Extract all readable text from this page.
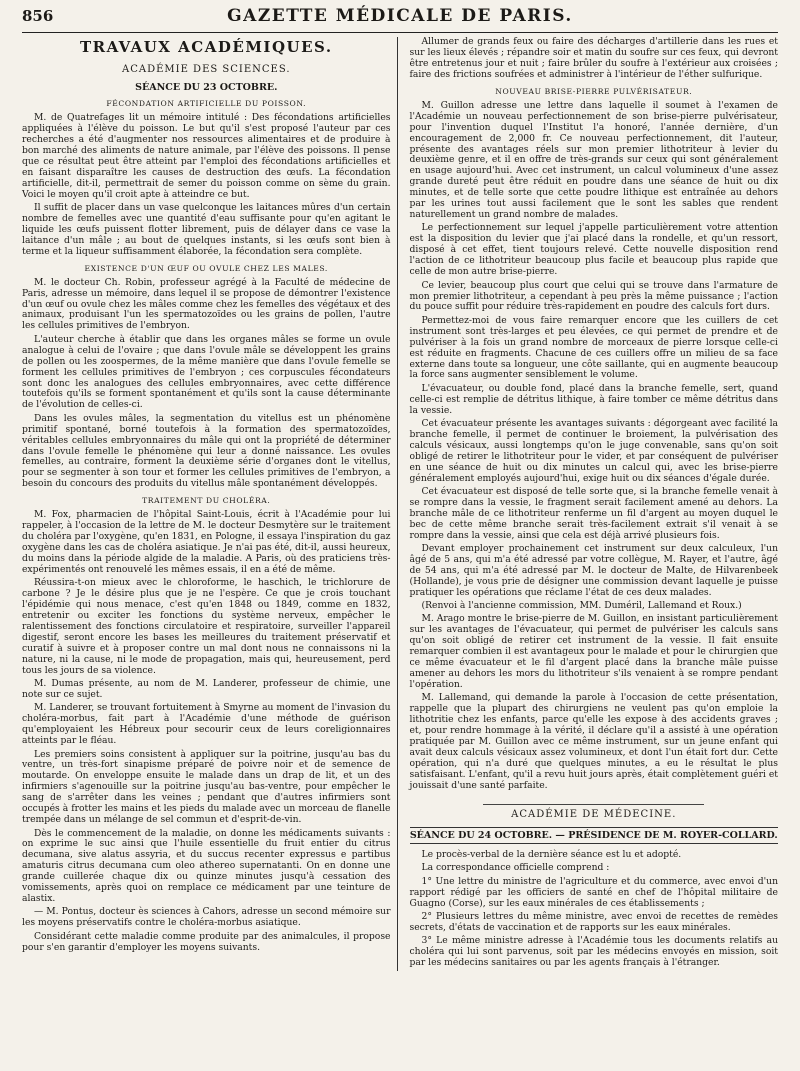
856	GAZETTE MÉDICALE DE PARIS.
TRAVAUX ACADÉMIQUES.
ACADÉMIE DES SCIENCES.
SÉANCE DU 23 OCTOBRE.
FÉCONDATION ARTIFICIELLE DU POISSON.

M. de Quatrefages lit un mémoire intitulé : Des fécondations artificielles appliquées à l'élève du poisson. Le but qu'il s'est proposé l'auteur par ces recherches a été d'augmenter nos ressources alimentaires et de produire à bon marché des aliments de nature animale, par l'élève des poissons. Il pense que ce résultat peut être atteint par l'emploi des fécondations artificielles et en faisant disparaître les causes de destruction des œufs. La fécondation artificielle, dit-il, permettrait de semer du poisson comme on sème du grain. Voici le moyen qu'il croit apte à atteindre ce but.

Il suffit de placer dans un vase quelconque les laitances mûres d'un certain nombre de femelles avec une quantité d'eau suffisante pour qu'en agitant le liquide les œufs puissent flotter librement, puis de délayer dans ce vase la laitance d'un mâle ; au bout de quelques instants, si les œufs sont bien à terme et la liqueur suffisamment élaborée, la fécondation sera complète.

EXISTENCE D'UN ŒUF OU OVULE CHEZ LES MALES.

M. le docteur Ch. Robin, professeur agrégé à la Faculté de médecine de Paris, adresse un mémoire, dans lequel il se propose de démontrer l'existence d'un œuf ou ovule chez les mâles comme chez les femelles des végétaux et des animaux, produisant l'un les spermatozoïdes ou les grains de pollen, l'autre les cellules primitives de l'embryon.

L'auteur cherche à établir que dans les organes mâles se forme un ovule analogue à celui de l'ovaire ; que dans l'ovule mâle se développent les grains de pollen ou les zoospermes, de la même manière que dans l'ovule femelle se forment les cellules primitives de l'embryon ; ces corpuscules fécondateurs sont donc les analogues des cellules embryonnaires, avec cette différence toutefois qu'ils se forment spontanément et qu'ils sont la cause déterminante de l'évolution de celles-ci.

Dans les ovules mâles, la segmentation du vitellus est un phénomène primitif spontané, borné toutefois à la formation des spermatozoïdes, véritables cellules embryonnaires du mâle qui ont la propriété de déterminer dans l'ovule femelle le phénomène qui leur a donné naissance. Les ovules femelles, au contraire, forment la deuxième série d'organes dont le vitellus, pour se segmenter à son tour et former les cellules primitives de l'embryon, a besoin du concours des produits du vitellus mâle spontanément développés.

TRAITEMENT DU CHOLÉRA.

M. Fox, pharmacien de l'hôpital Saint-Louis, écrit à l'Académie pour lui rappeler, à l'occasion de la lettre de M. le docteur Desmytère sur le traitement du choléra par l'oxygène, qu'en 1831, en Pologne, il essaya l'inspiration du gaz oxygène dans les cas de choléra asiatique. Je n'ai pas été, dit-il, aussi heureux, du moins dans la période algide de la maladie. A Paris, où des praticiens très-expérimentés ont renouvelé les mêmes essais, il en a été de même.

Réussira-t-on mieux avec le chloroforme, le haschich, le trichlorure de carbone ? Je le désire plus que je ne l'espère. Ce que je crois touchant l'épidémie qui nous menace, c'est qu'en 1848 ou 1849, comme en 1832, entretenir ou exciter les fonctions du système nerveux, empêcher le ralentissement des fonctions circulatoire et respiratoire, surveiller l'appareil digestif, seront encore les bases les meilleures du traitement préservatif et curatif à suivre et à proposer contre un mal dont nous ne connaissons ni la nature, ni la cause, ni le mode de propagation, mais qui, heureusement, perd tous les jours de sa violence.

M. Dumas présente, au nom de M. Landerer, professeur de chimie, une note sur ce sujet.

M. Landerer, se trouvant fortuitement à Smyrne au moment de l'invasion du choléra-morbus, fait part à l'Académie d'une méthode de guérison qu'employaient les Hébreux pour secourir ceux de leurs coreligionnaires atteints par le fléau.

Les premiers soins consistent à appliquer sur la poitrine, jusqu'au bas du ventre, un très-fort sinapisme préparé de poivre noir et de semence de moutarde. On enveloppe ensuite le malade dans un drap de lit, et un des infirmiers s'agenouille sur la poitrine jusqu'au bas-ventre, pour empêcher le sang de s'arrêter dans les veines ; pendant que d'autres infirmiers sont occupés à frotter les mains et les pieds du malade avec un morceau de flanelle trempée dans un mélange de sel commun et d'esprit-de-vin.

Dès le commencement de la maladie, on donne les médicaments suivants : on exprime le suc ainsi que l'huile essentielle du fruit entier du citrus decumana, sive alatus assyria, et du succus recenter expressus e partibus amaturis citrus decumana cum oleo athereo supernatanti. On en donne une grande cuillerée chaque dix ou quinze minutes jusqu'à cessation des vomissements, après quoi on remplace ce médicament par une teinture de alastix.

— M. Pontus, docteur ès sciences à Cahors, adresse un second mémoire sur les moyens préservatifs contre le choléra-morbus asiatique.

Considérant cette maladie comme produite par des animalcules, il propose pour s'en garantir d'employer les moyens suivants.

Allumer de grands feux ou faire des décharges d'artillerie dans les rues et sur les lieux élevés ; répandre soir et matin du soufre sur ces feux, qui devront être entretenus jour et nuit ; faire brûler du soufre à l'extérieur aux croisées ; faire des frictions soufrées et administrer à l'intérieur de l'éther sulfurique.

NOUVEAU BRISE-PIERRE PULVÉRISATEUR.

M. Guillon adresse une lettre dans laquelle il soumet à l'examen de l'Académie un nouveau perfectionnement de son brise-pierre pulvérisateur, pour l'invention duquel l'Institut l'a honoré, l'année dernière, d'un encouragement de 2,000 fr. Ce nouveau perfectionnement, dit l'auteur, présente des avantages réels sur mon premier lithotriteur à levier du deuxième genre, et il en offre de très-grands sur ceux qui sont généralement en usage aujourd'hui. Avec cet instrument, un calcul volumineux d'une assez grande dureté peut être réduit en poudre dans une séance de huit ou dix minutes, et de telle sorte que cette poudre lithique est entraînée au dehors par les urines tout aussi facilement que le sont les sables que rendent naturellement un grand nombre de malades.

Le perfectionnement sur lequel j'appelle particulièrement votre attention est la disposition du levier que j'ai placé dans la rondelle, et qu'un ressort, disposé à cet effet, tient toujours relevé. Cette nouvelle disposition rend l'action de ce lithotriteur beaucoup plus facile et beaucoup plus rapide que celle de mon autre brise-pierre.

Ce levier, beaucoup plus court que celui qui se trouve dans l'armature de mon premier lithotriteur, a cependant à peu près la même puissance ; l'action du pouce suffit pour réduire très-rapidement en poudre des calculs fort durs.

Permettez-moi de vous faire remarquer encore que les cuillers de cet instrument sont très-larges et peu élevées, ce qui permet de prendre et de pulvériser à la fois un grand nombre de morceaux de pierre lorsque celle-ci est réduite en fragments. Chacune de ces cuillers offre un milieu de sa face externe dans toute sa longueur, une côte saillante, qui en augmente beaucoup la force sans augmenter sensiblement le volume.

L'évacuateur, ou double fond, placé dans la branche femelle, sert, quand celle-ci est remplie de détritus lithique, à faire tomber ce même détritus dans la vessie.

Cet évacuateur présente les avantages suivants : dégorgeant avec facilité la branche femelle, il permet de continuer le broiement, la pulvérisation des calculs vésicaux, aussi longtemps qu'on le juge convenable, sans qu'on soit obligé de retirer le lithotriteur pour le vider, et par conséquent de pulvériser en une séance de huit ou dix minutes un calcul qui, avec les brise-pierre généralement employés aujourd'hui, exige huit ou dix séances d'égale durée.

Cet évacuateur est disposé de telle sorte que, si la branche femelle venait à se rompre dans la vessie, le fragment serait facilement amené au dehors. La branche mâle de ce lithotriteur renferme un fil d'argent au moyen duquel le bec de cette même branche serait très-facilement extrait s'il venait à se rompre dans la vessie, ainsi que cela est déjà arrivé plusieurs fois.

Devant employer prochainement cet instrument sur deux calculeux, l'un âgé de 5 ans, qui m'a été adressé par votre collègue, M. Rayer, et l'autre, âgé de 54 ans, qui m'a été adressé par M. le docteur de Malte, de Hilvarenbeek (Hollande), je vous prie de désigner une commission devant laquelle je puisse pratiquer les opérations que réclame l'état de ces deux malades.

(Renvoi à l'ancienne commission, MM. Duméril, Lallemand et Roux.)

M. Arago montre le brise-pierre de M. Guillon, en insistant particulièrement sur les avantages de l'évacuateur, qui permet de pulvériser les calculs sans qu'on soit obligé de retirer cet instrument de la vessie. Il fait ensuite remarquer combien il est avantageux pour le malade et pour le chirurgien que ce même évacuateur et le fil d'argent placé dans la branche mâle puisse amener au dehors les mors du lithotriteur s'ils venaient à se rompre pendant l'opération.

M. Lallemand, qui demande la parole à l'occasion de cette présentation, rappelle que la plupart des chirurgiens ne veulent pas qu'on emploie la lithotritie chez les enfants, parce qu'elle les expose à des accidents graves ; et, pour rendre hommage à la vérité, il déclare qu'il a assisté à une opération pratiquée par M. Guillon avec ce même instrument, sur un jeune enfant qui avait deux calculs vésicaux assez volumineux, et dont l'un était fort dur. Cette opération, qui n'a duré que quelques minutes, a eu le résultat le plus satisfaisant. L'enfant, qu'il a revu huit jours après, était complètement guéri et jouissait d'une santé parfaite.

ACADÉMIE DE MÉDECINE.
SÉANCE DU 24 OCTOBRE. — PRÉSIDENCE DE M. ROYER-COLLARD.

Le procès-verbal de la dernière séance est lu et adopté.

La correspondance officielle comprend :

1° Une lettre du ministre de l'agriculture et du commerce, avec envoi d'un rapport rédigé par les officiers de santé en chef de l'hôpital militaire de Guagno (Corse), sur les eaux minérales de ces établissements ;

2° Plusieurs lettres du même ministre, avec envoi de recettes de remèdes secrets, d'états de vaccination et de rapports sur les eaux minérales.

3° Le même ministre adresse à l'Académie tous les documents relatifs au choléra qui lui sont parvenus, soit par les médecins envoyés en mission, soit par les médecins sanitaires ou par les agents français à l'étranger.
